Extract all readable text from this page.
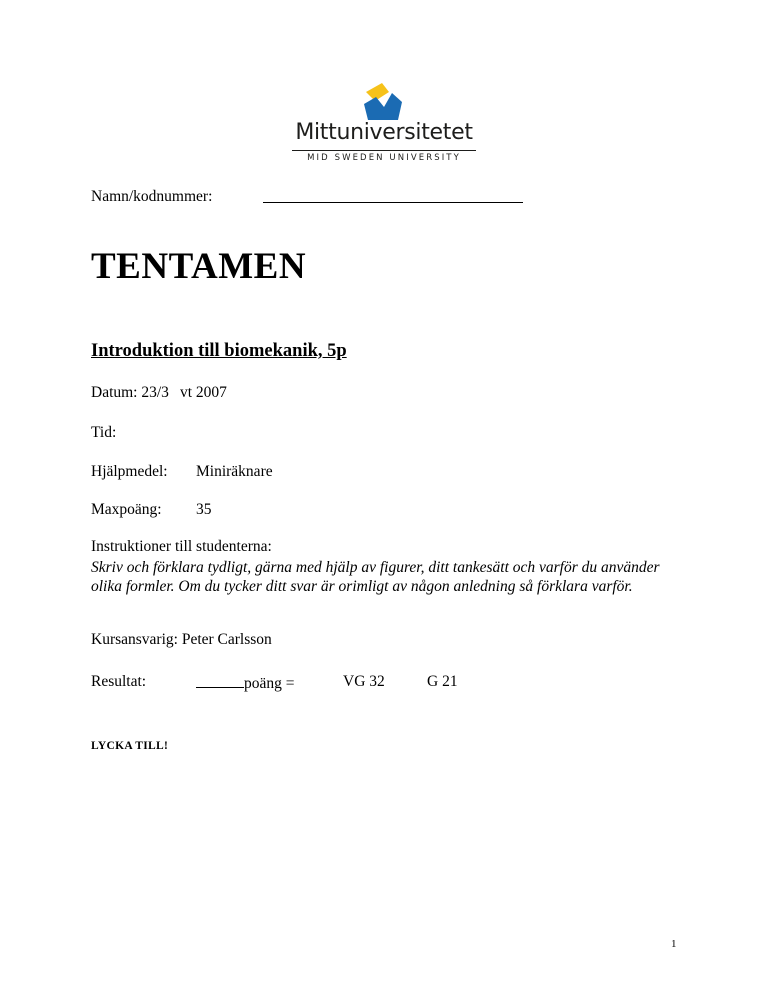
Mittuniversitetet
MID SWEDEN UNIVERSITY
Namn/kodnummer:
TENTAMEN
Introduktion till biomekanik, 5p
Datum: 23/3 vt 2007
Tid:
Hjälpmedel: Miniräknare
Maxpoäng: 35
Instruktioner till studenterna:
Skriv och förklara tydligt, gärna med hjälp av figurer, ditt tankesätt och varför du använder olika formler. Om du tycker ditt svar är orimligt av någon anledning så förklara varför.
Kursansvarig: Peter Carlsson
Resultat:	poäng =	VG 32	G 21
LYCKA TILL!
1
